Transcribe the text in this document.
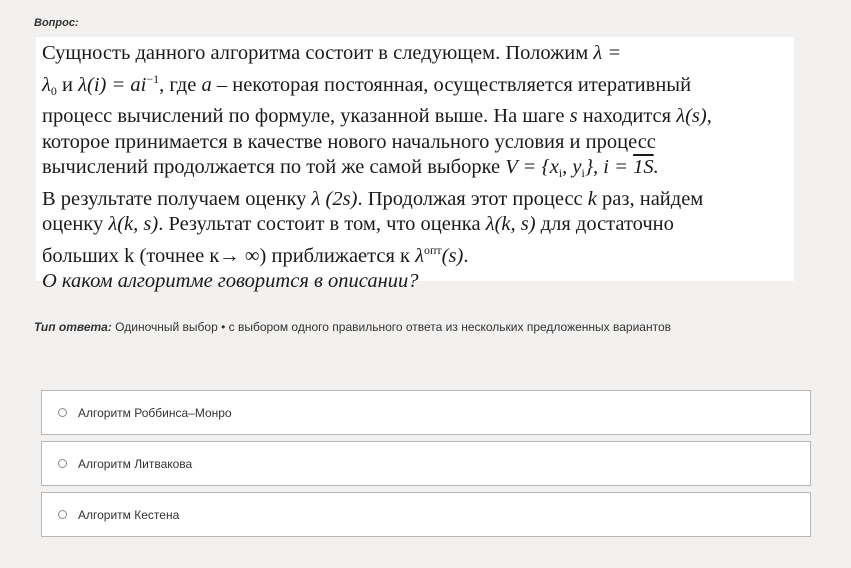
Вопрос:

Сущность данного алгоритма состоит в следующем. Положим λ =

λ0 и $\lambda(i) = ai^{-1}$, где a – некоторая постоянная, осуществляется итеративный

процесс вычислений по формуле, указанной выше. На шаге s находится λ(s),

которое принимается в качестве нового начального условия и процесс

вычислений продолжается по той же самой выборке V = {xi, yi}, i = 1S.

В результате получаем оценку λ (2s). Продолжая этот процесс k раз, найдем

оценку λ(k, s). Результат состоит в том, что оценка λ(k, s) для достаточно

больших k (точнее к→ ∞) приближается к $\lambda^{опт}(s)$.

О каком алгоритме говорится в описании?

Тип ответа: Одиночный выбор • с выбором одного правильного ответа из нескольких предложенных вариантов
Алгоритм Роббинса–Монро
Алгоритм Литвакова
Алгоритм Кестена
